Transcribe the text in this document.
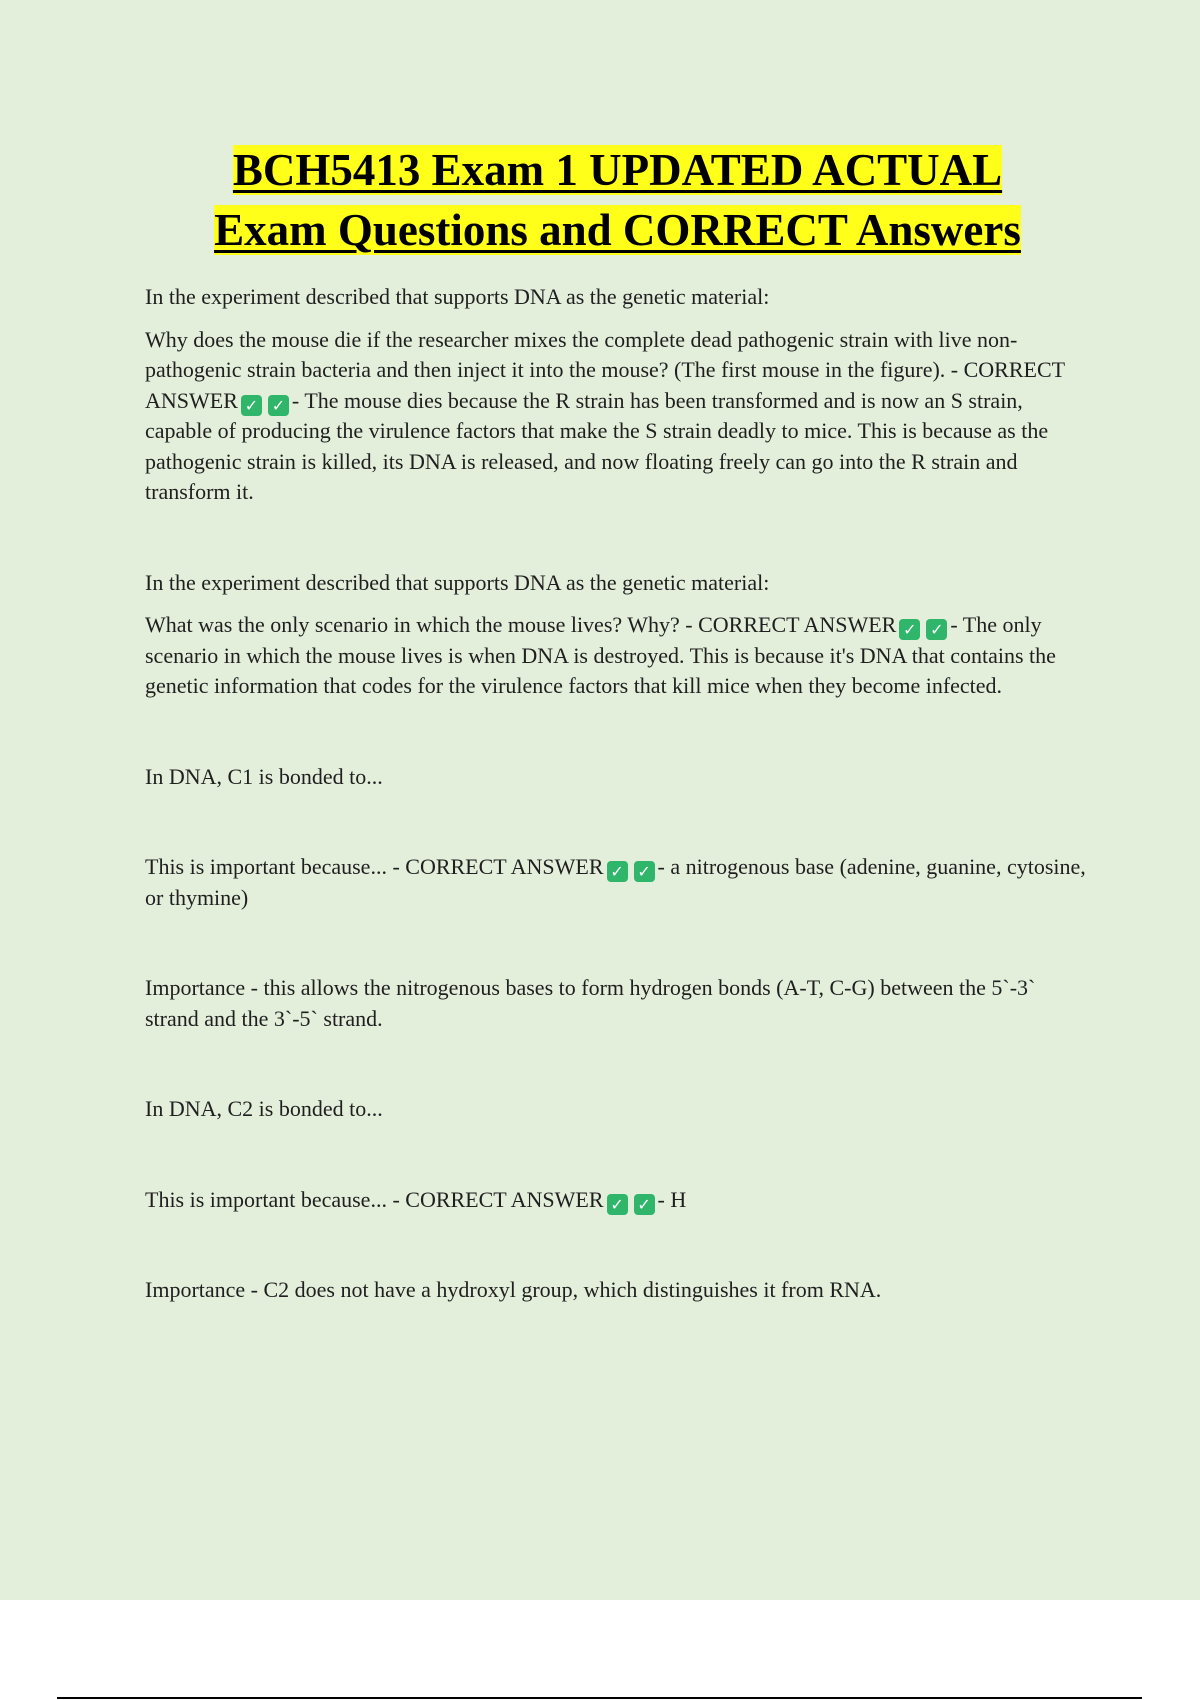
BCH5413 Exam 1 UPDATED ACTUAL
Exam Questions and CORRECT Answers

In the experiment described that supports DNA as the genetic material:

Why does the mouse die if the researcher mixes the complete dead pathogenic strain with live non-pathogenic strain bacteria and then inject it into the mouse? (The first mouse in the figure). - CORRECT ANSWER ✓ ✓ - The mouse dies because the R strain has been transformed and is now an S strain, capable of producing the virulence factors that make the S strain deadly to mice. This is because as the pathogenic strain is killed, its DNA is released, and now floating freely can go into the R strain and transform it.

In the experiment described that supports DNA as the genetic material:

What was the only scenario in which the mouse lives? Why? - CORRECT ANSWER ✓ ✓ - The only scenario in which the mouse lives is when DNA is destroyed. This is because it's DNA that contains the genetic information that codes for the virulence factors that kill mice when they become infected.

In DNA, C1 is bonded to...

This is important because... - CORRECT ANSWER ✓ ✓ - a nitrogenous base (adenine, guanine, cytosine, or thymine)

Importance - this allows the nitrogenous bases to form hydrogen bonds (A-T, C-G) between the 5`-3` strand and the 3`-5` strand.

In DNA, C2 is bonded to...

This is important because... - CORRECT ANSWER ✓ ✓ - H

Importance - C2 does not have a hydroxyl group, which distinguishes it from RNA.
